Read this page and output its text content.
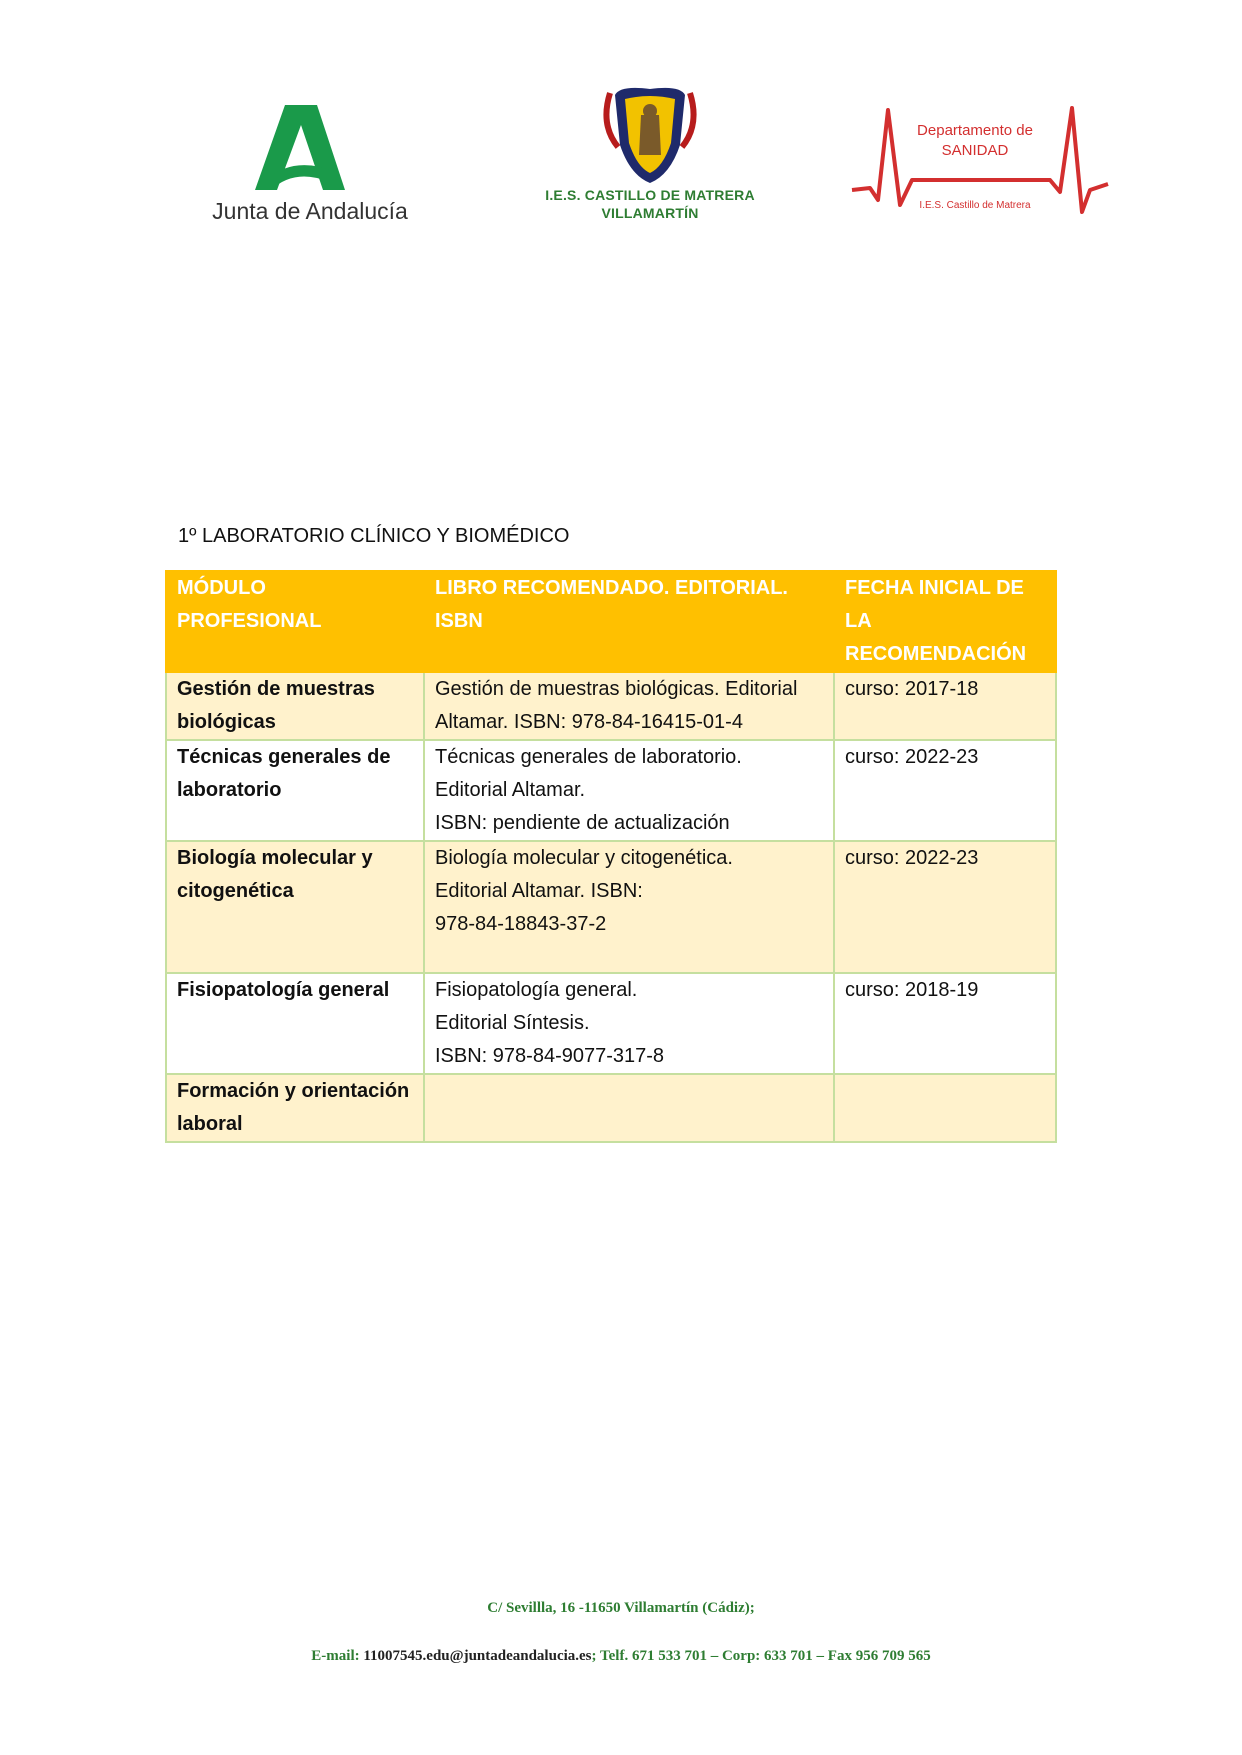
Junta de Andalucía
I.E.S. CASTILLO DE MATRERA
VILLAMARTÍN
Departamento de
SANIDAD
I.E.S. Castillo de Matrera
1º LABORATORIO CLÍNICO Y BIOMÉDICO
MÓDULO PROFESIONAL	LIBRO RECOMENDADO. EDITORIAL. ISBN	FECHA INICIAL DE LA RECOMENDACIÓN
Gestión de muestras biológicas	Gestión de muestras biológicas. Editorial Altamar. ISBN: 978-84-16415-01-4	curso: 2017-18
Técnicas generales de laboratorio	Técnicas generales de laboratorio.
Editorial Altamar.
ISBN: pendiente de actualización	curso: 2022-23
Biología molecular y citogenética	Biología molecular y citogenética.
Editorial Altamar. ISBN:
978-84-18843-37-2	curso: 2022-23
Fisiopatología general	Fisiopatología general.
Editorial Síntesis.
ISBN: 978-84-9077-317-8	curso: 2018-19
Formación y orientación laboral	

C/ Sevillla, 16 -11650 Villamartín (Cádiz);
E-mail: 11007545.edu@juntadeandalucia.es; Telf. 671 533 701 – Corp: 633 701 – Fax 956 709 565
